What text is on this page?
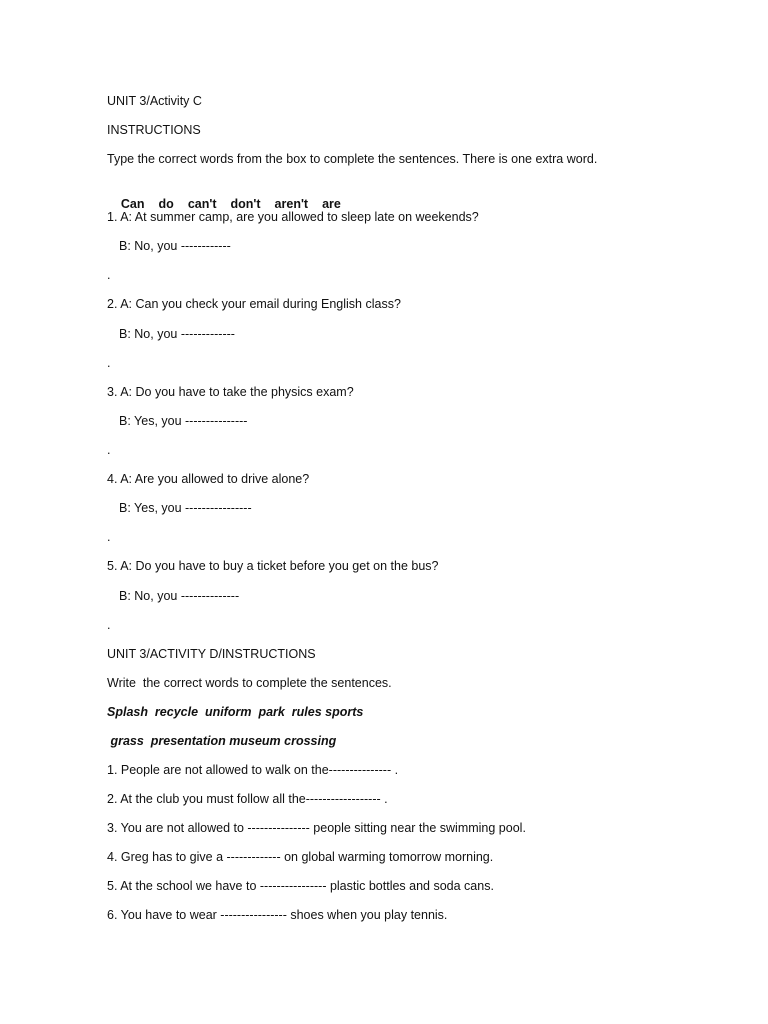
UNIT 3/Activity C
INSTRUCTIONS
Type the correct words from the box to complete the sentences. There is one extra word.

Can do can't don't aren't are

1. A: At summer camp, are you allowed to sleep late on weekends?
B: No, you ------------
.
2. A: Can you check your email during English class?
B: No, you -------------
.
3. A: Do you have to take the physics exam?
B: Yes, you ---------------
.
4. A: Are you allowed to drive alone?
B: Yes, you ----------------
.
5. A: Do you have to buy a ticket before you get on the bus?
B: No, you --------------
.
UNIT 3/ACTIVITY D/INSTRUCTIONS
Write  the correct words to complete the sentences.
Splash  recycle  uniform  park  rules sports
grass  presentation museum crossing
1. People are not allowed to walk on the--------------- .
2. At the club you must follow all the------------------ .
3. You are not allowed to --------------- people sitting near the swimming pool.
4. Greg has to give a ------------- on global warming tomorrow morning.
5. At the school we have to ---------------- plastic bottles and soda cans.
6. You have to wear ---------------- shoes when you play tennis.
